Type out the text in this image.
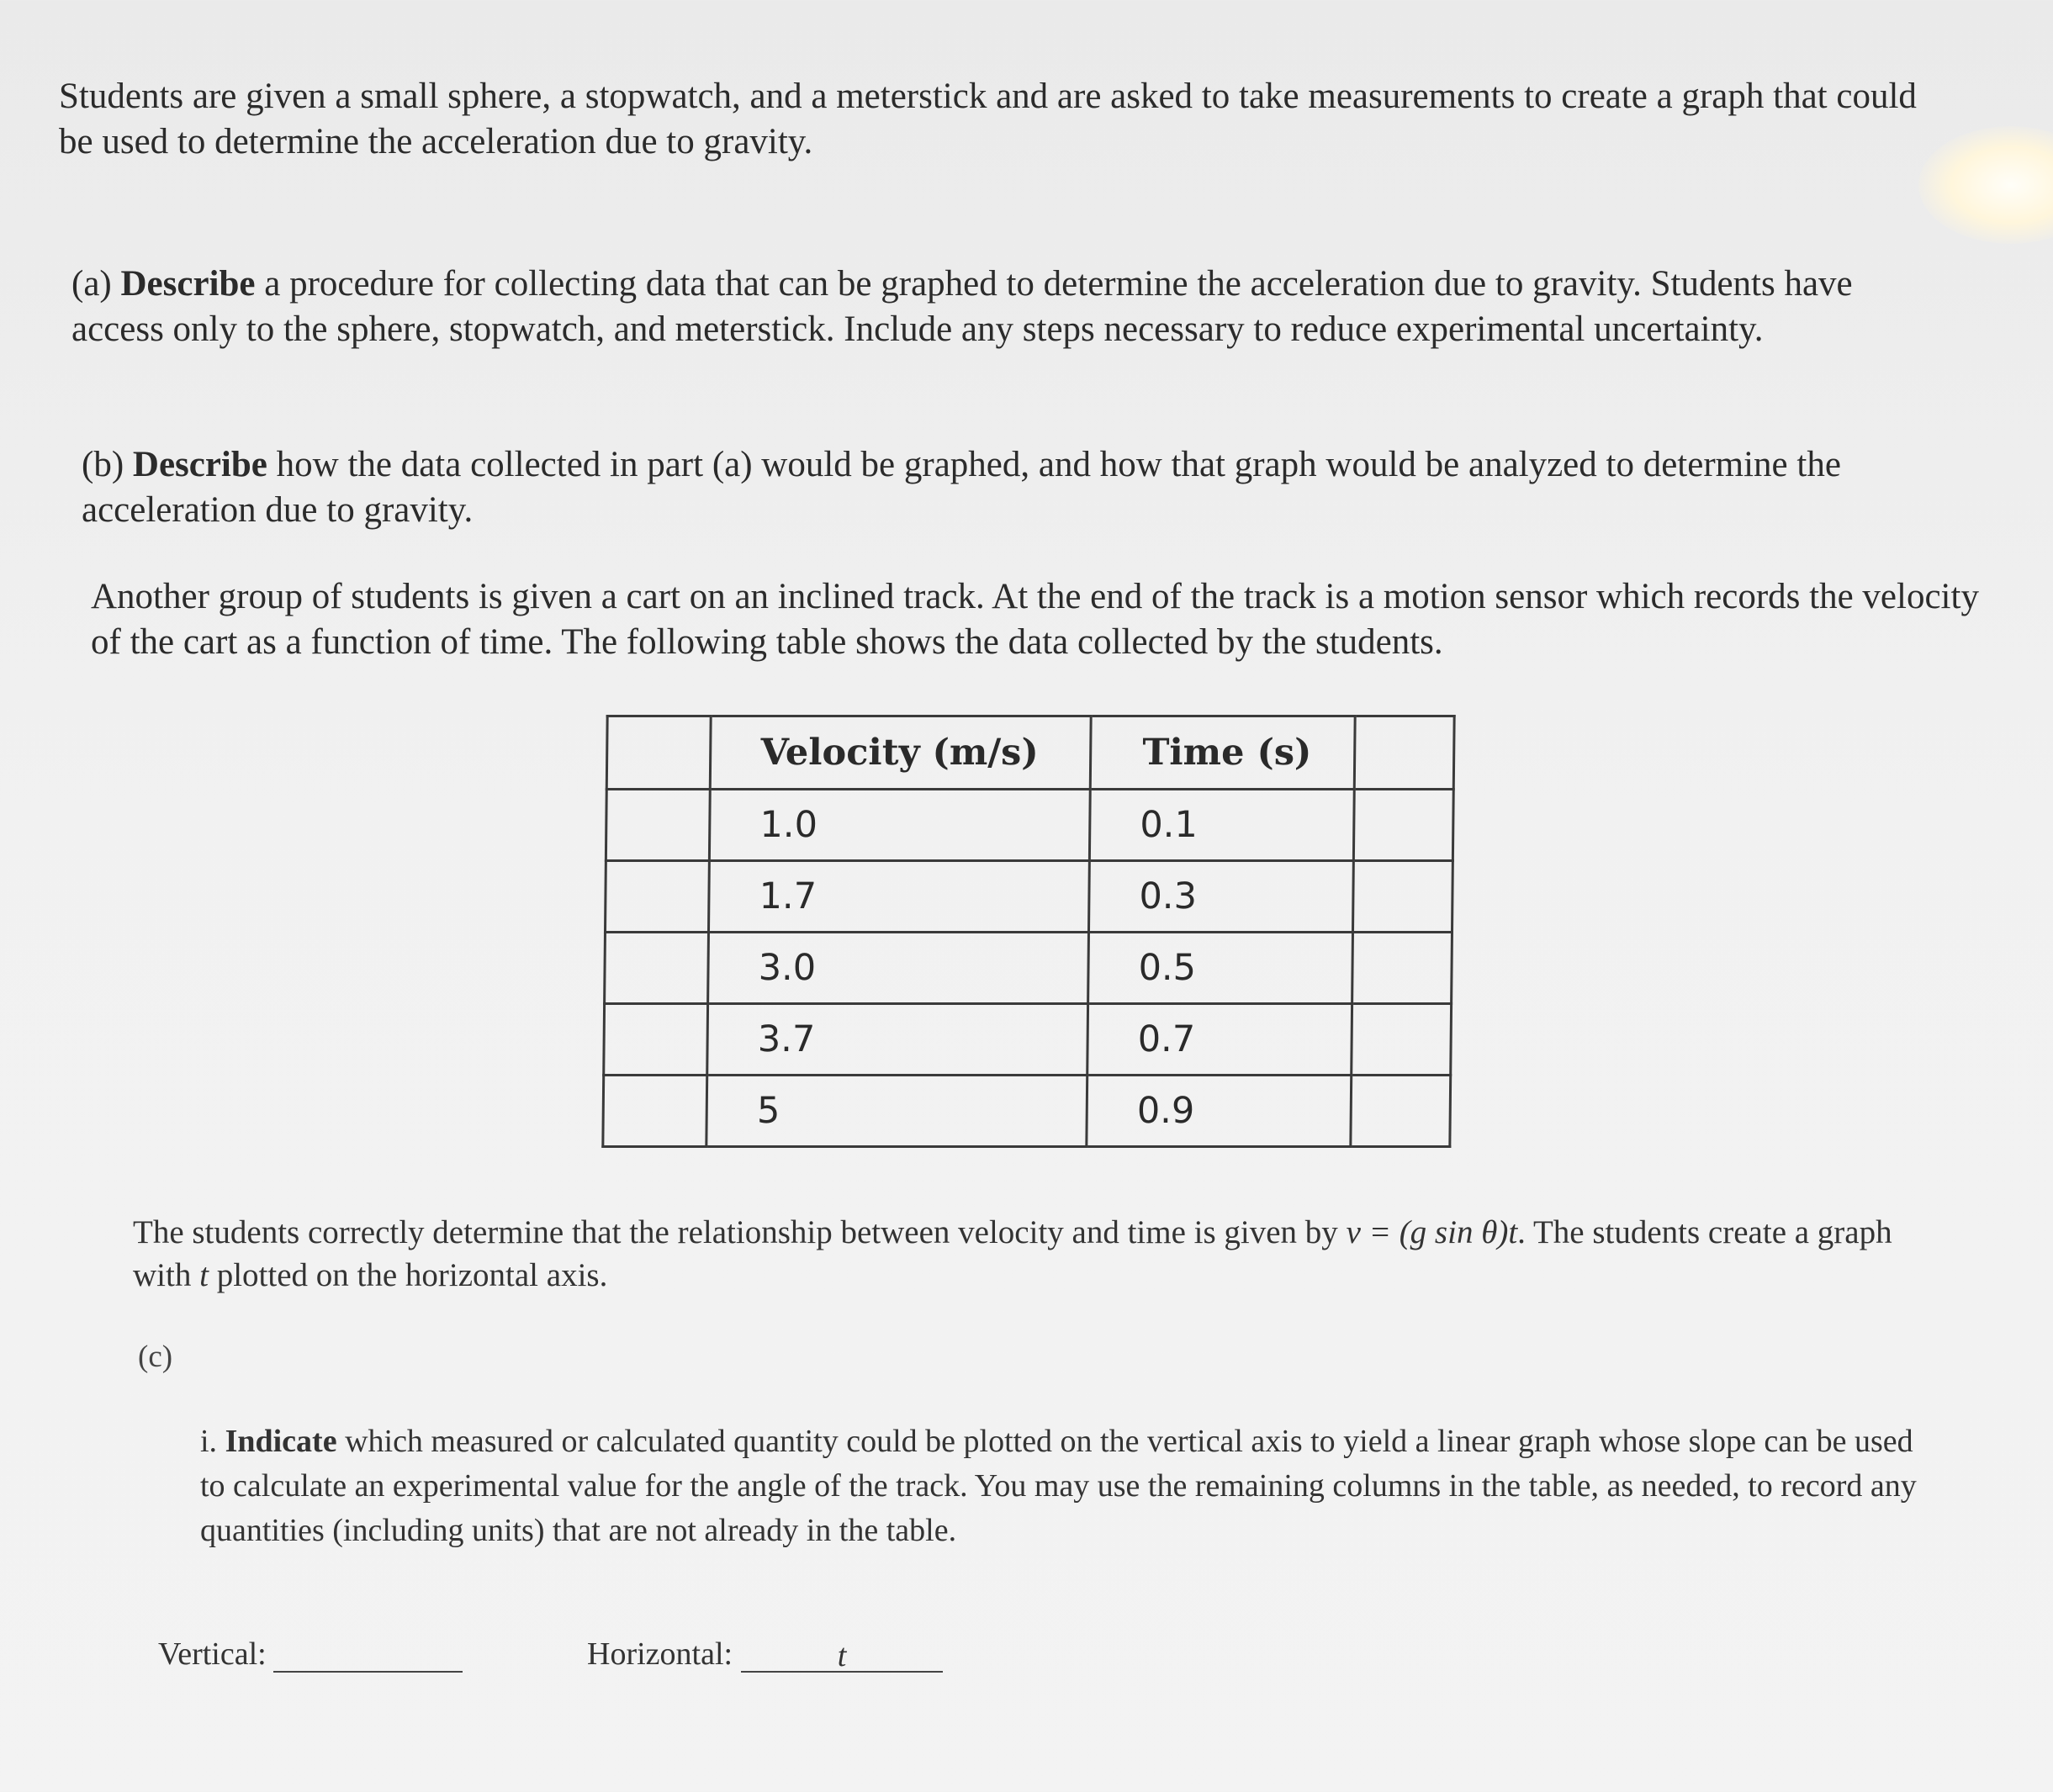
Students are given a small sphere, a stopwatch, and a meterstick and are asked to take measurements to create a graph that could be used to determine the acceleration due to gravity.

(a) Describe a procedure for collecting data that can be graphed to determine the acceleration due to gravity. Students have access only to the sphere, stopwatch, and meterstick. Include any steps necessary to reduce experimental uncertainty.

(b) Describe how the data collected in part (a) would be graphed, and how that graph would be analyzed to determine the acceleration due to gravity.

Another group of students is given a cart on an inclined track. At the end of the track is a motion sensor which records the velocity of the cart as a function of time. The following table shows the data collected by the students.

	Velocity (m/s)	Time (s)	
	1.0	0.1	
	1.7	0.3	
	3.0	0.5	
	3.7	0.7	
	5	0.9	

The students correctly determine that the relationship between velocity and time is given by v = (g sin θ)t. The students create a graph with t plotted on the horizontal axis.

(c)

i. Indicate which measured or calculated quantity could be plotted on the vertical axis to yield a linear graph whose slope can be used to calculate an experimental value for the angle of the track. You may use the remaining columns in the table, as needed, to record any quantities (including units) that are not already in the table.

Vertical:	Horizontal:	t
